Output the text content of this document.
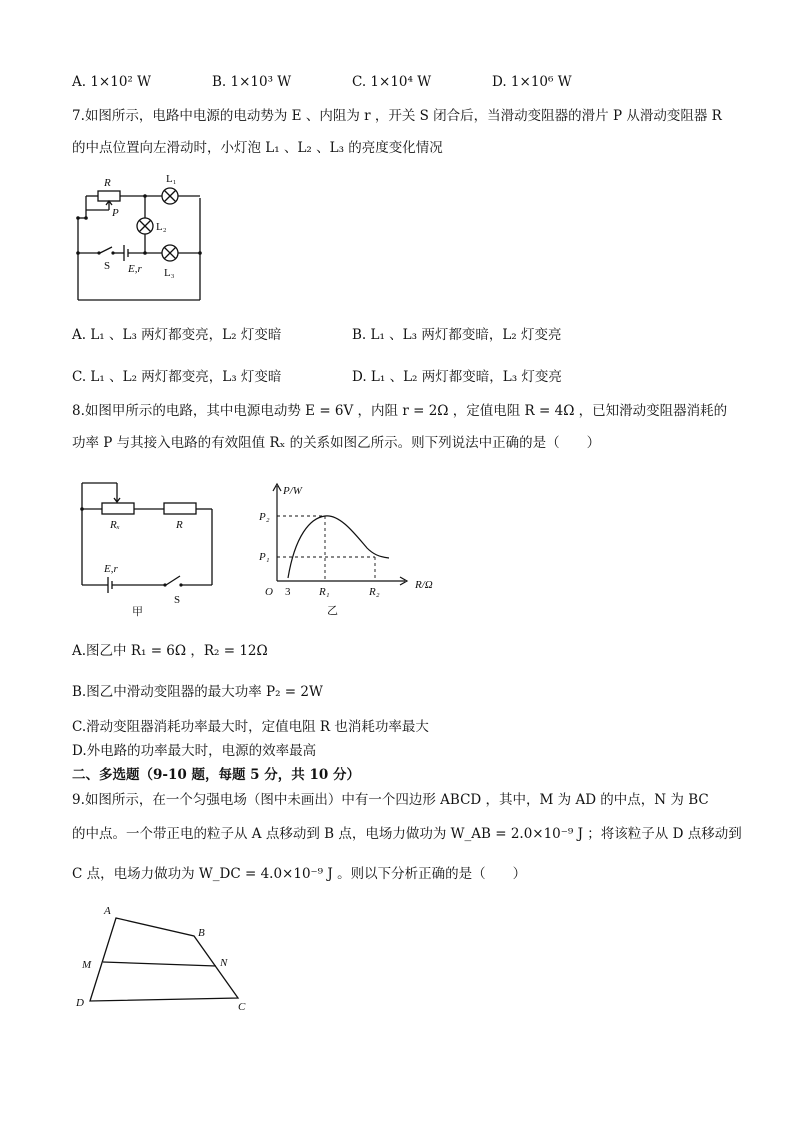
A. 1×10² W	B. 1×10³ W	C. 1×10⁴ W	D. 1×10⁶ W
7.如图所示，电路中电源的电动势为 E 、内阻为 r ，开关 S 闭合后，当滑动变阻器的滑片 P 从滑动变阻器 R
的中点位置向左滑动时，小灯泡 L₁ 、L₂ 、L₃ 的亮度变化情况
R
P
L₁
L₂
S E,r L₃
A. L₁ 、L₃ 两灯都变亮，L₂ 灯变暗	B. L₁ 、L₃ 两灯都变暗，L₂ 灯变亮
C. L₁ 、L₂ 两灯都变亮，L₃ 灯变暗	D. L₁ 、L₂ 两灯都变暗，L₃ 灯变亮
8.如图甲所示的电路，其中电源电动势 E = 6V ，内阻 r = 2Ω ，定值电阻 R = 4Ω ，已知滑动变阻器消耗的
功率 P 与其接入电路的有效阻值 Rₓ 的关系如图乙所示。则下列说法中正确的是（　　）
Rₓ	R
E,r
S
甲
P/W
R/Ω
P₂
P₁
O 3	R₁	R₂
乙
A.图乙中 R₁ = 6Ω ，R₂ = 12Ω
B.图乙中滑动变阻器的最大功率 P₂ = 2W
C.滑动变阻器消耗功率最大时，定值电阻 R 也消耗功率最大
D.外电路的功率最大时，电源的效率最高
二、多选题（9-10 题，每题 5 分，共 10 分）
9.如图所示，在一个匀强电场（图中未画出）中有一个四边形 ABCD ，其中，M 为 AD 的中点，N 为 BC
的中点。一个带正电的粒子从 A 点移动到 B 点，电场力做功为 W_AB = 2.0×10⁻⁹ J ；将该粒子从 D 点移动到
C 点，电场力做功为 W_DC = 4.0×10⁻⁹ J 。则以下分析正确的是（　　）
A
B
M	N
D	C
